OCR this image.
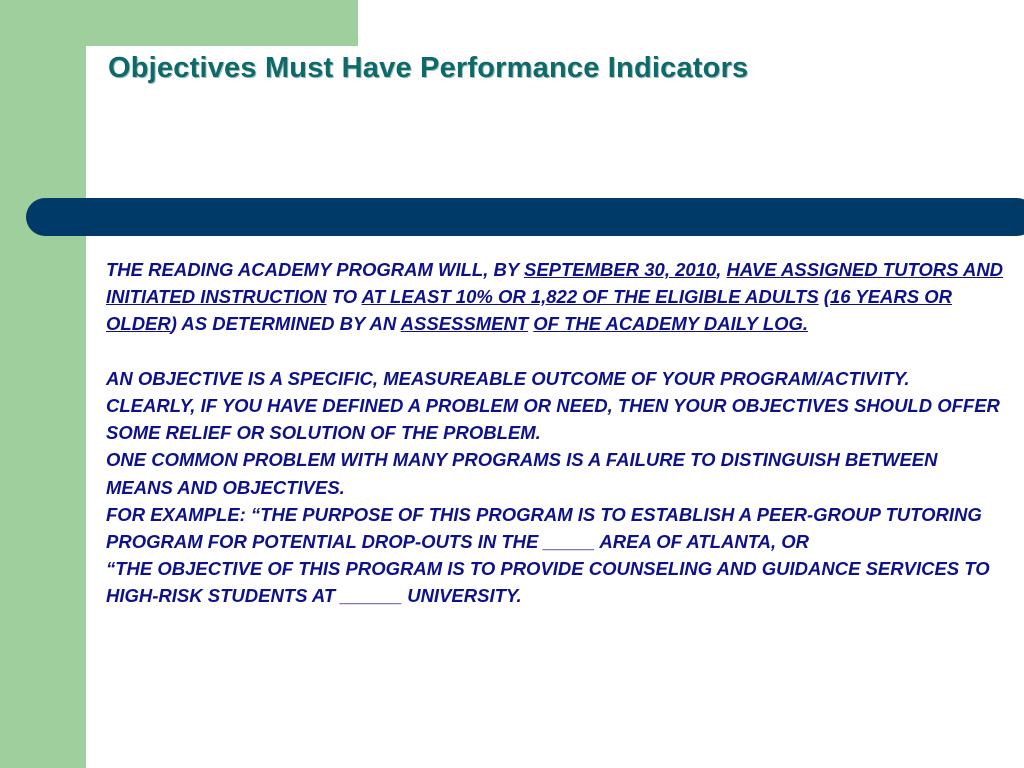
Objectives Must Have Performance Indicators

THE READING ACADEMY PROGRAM WILL, BY SEPTEMBER 30, 2010, HAVE ASSIGNED TUTORS AND INITIATED INSTRUCTION TO AT LEAST 10% OR 1,822 OF THE ELIGIBLE ADULTS (16 YEARS OR OLDER) AS DETERMINED BY AN ASSESSMENT OF THE ACADEMY DAILY LOG.

AN OBJECTIVE IS A SPECIFIC, MEASUREABLE OUTCOME OF YOUR PROGRAM/ACTIVITY.

CLEARLY, IF YOU HAVE DEFINED A PROBLEM OR NEED, THEN YOUR OBJECTIVES SHOULD OFFER SOME RELIEF OR SOLUTION OF THE PROBLEM.

ONE COMMON PROBLEM WITH MANY PROGRAMS IS A FAILURE TO DISTINGUISH BETWEEN MEANS AND OBJECTIVES.

FOR EXAMPLE: “THE PURPOSE OF THIS PROGRAM IS TO ESTABLISH A PEER-GROUP TUTORING PROGRAM FOR POTENTIAL DROP-OUTS IN THE _____ AREA OF ATLANTA, OR

“THE OBJECTIVE OF THIS PROGRAM IS TO PROVIDE COUNSELING AND GUIDANCE SERVICES TO HIGH-RISK STUDENTS AT ______ UNIVERSITY.
